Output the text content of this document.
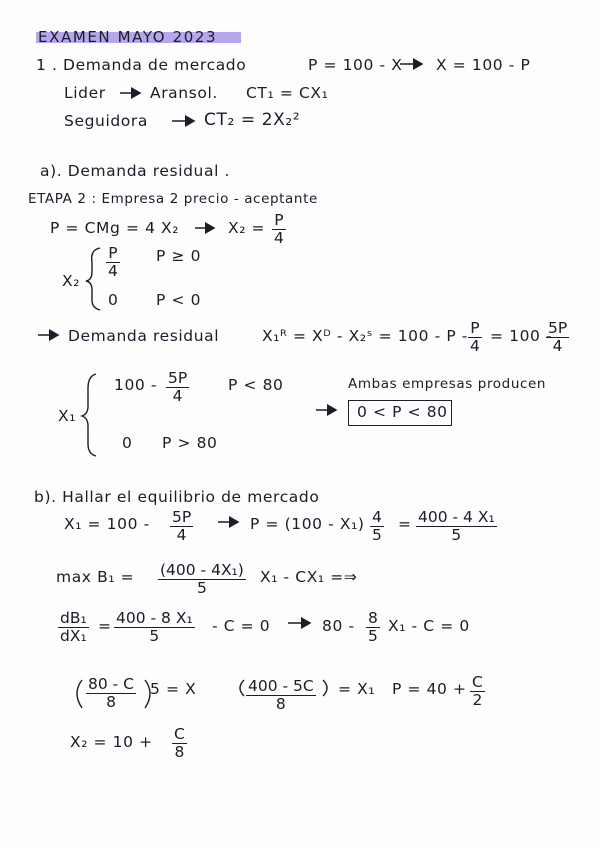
EXAMEN MAYO 2023
1 . Demanda de mercado	P = 100 - X X = 100 - P
Lider	Aransol. CT₁ = CX₁
Seguidora	CT₂ = 2X₂²
a). Demanda residual .
ETAPA 2 : Empresa 2 precio - aceptante
P = CMg = 4 X₂	$X_2 = \frac{P}{4}$
X₂
$\frac{P}{4}$ P ≥ 0
0 P < 0
Demanda residual	X₁ᴿ = Xᴰ - X₂ˢ = $100 - P - \frac{P}{4} = 100$ -
$\frac{5P}{4}$
X₁
$100 - \frac{5P}{4}$	P < 80
0 P > 80
Ambas empresas producen
0 < P < 80
b). Hallar el equilibrio de mercado
$X_1 = 100 - \frac{5P}{4}$	$P = (100 - X_1) \frac{4}{5} = \frac{\text{400 - 4 X₁}}{5}$
$\max B_1 = \frac{\text{(400 - 4X₁)}}{5} X_1 - CX_1$ =⇒
$\frac{\text{dB₁}}{\text{dX₁}} = \frac{\text{400 - 8 X₁}}{5} - C = 0$	$80 - \frac{8}{5} X_1 - C = 0$
$\frac{80 - C}{8} 5 = X$	$\frac{400 - 5C}{8} = X_1$ $P = 40 + \frac{C}{2}$
$X_2 = 10 + \frac{C}{8}$
